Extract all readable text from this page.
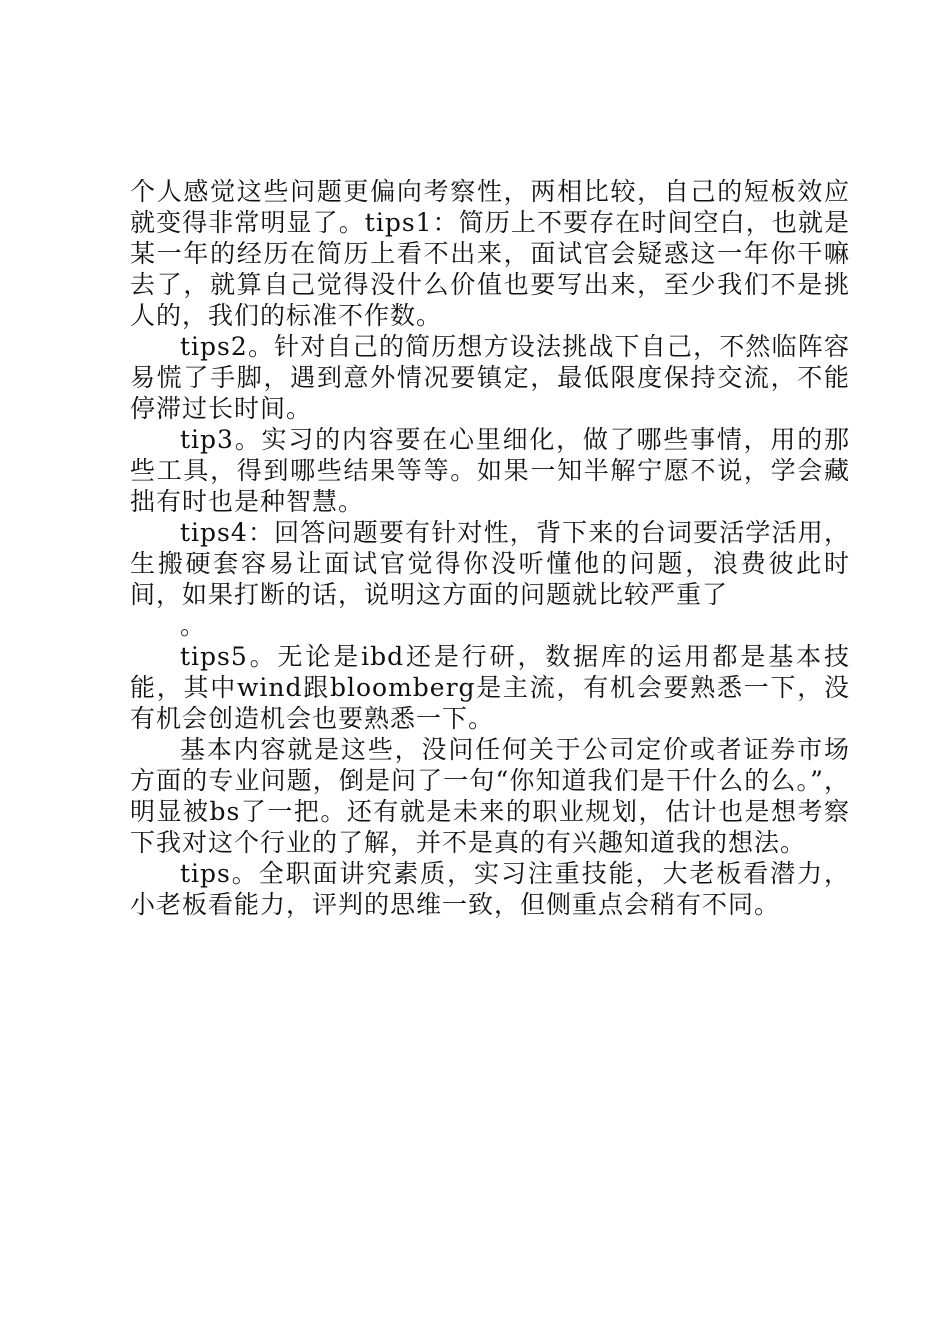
个人感觉这些问题更偏向考察性，两相比较，自己的短板效应就变得非常明显了。tips1：简历上不要存在时间空白，也就是某一年的经历在简历上看不出来，面试官会疑惑这一年你干嘛去了，就算自己觉得没什么价值也要写出来，至少我们不是挑人的，我们的标准不作数。

tips2。针对自己的简历想方设法挑战下自己，不然临阵容易慌了手脚，遇到意外情况要镇定，最低限度保持交流，不能停滞过长时间。

tip3。实习的内容要在心里细化，做了哪些事情，用的那些工具，得到哪些结果等等。如果一知半解宁愿不说，学会藏拙有时也是种智慧。

tips4：回答问题要有针对性，背下来的台词要活学活用，生搬硬套容易让面试官觉得你没听懂他的问题，浪费彼此时间，如果打断的话，说明这方面的问题就比较严重了

。

tips5。无论是ibd还是行研，数据库的运用都是基本技能，其中wind跟bloomberg是主流，有机会要熟悉一下，没有机会创造机会也要熟悉一下。

基本内容就是这些，没问任何关于公司定价或者证券市场方面的专业问题，倒是问了一句“你知道我们是干什么的么。”，明显被bs了一把。还有就是未来的职业规划，估计也是想考察下我对这个行业的了解，并不是真的有兴趣知道我的想法。

tips。全职面讲究素质，实习注重技能，大老板看潜力，小老板看能力，评判的思维一致，但侧重点会稍有不同。
